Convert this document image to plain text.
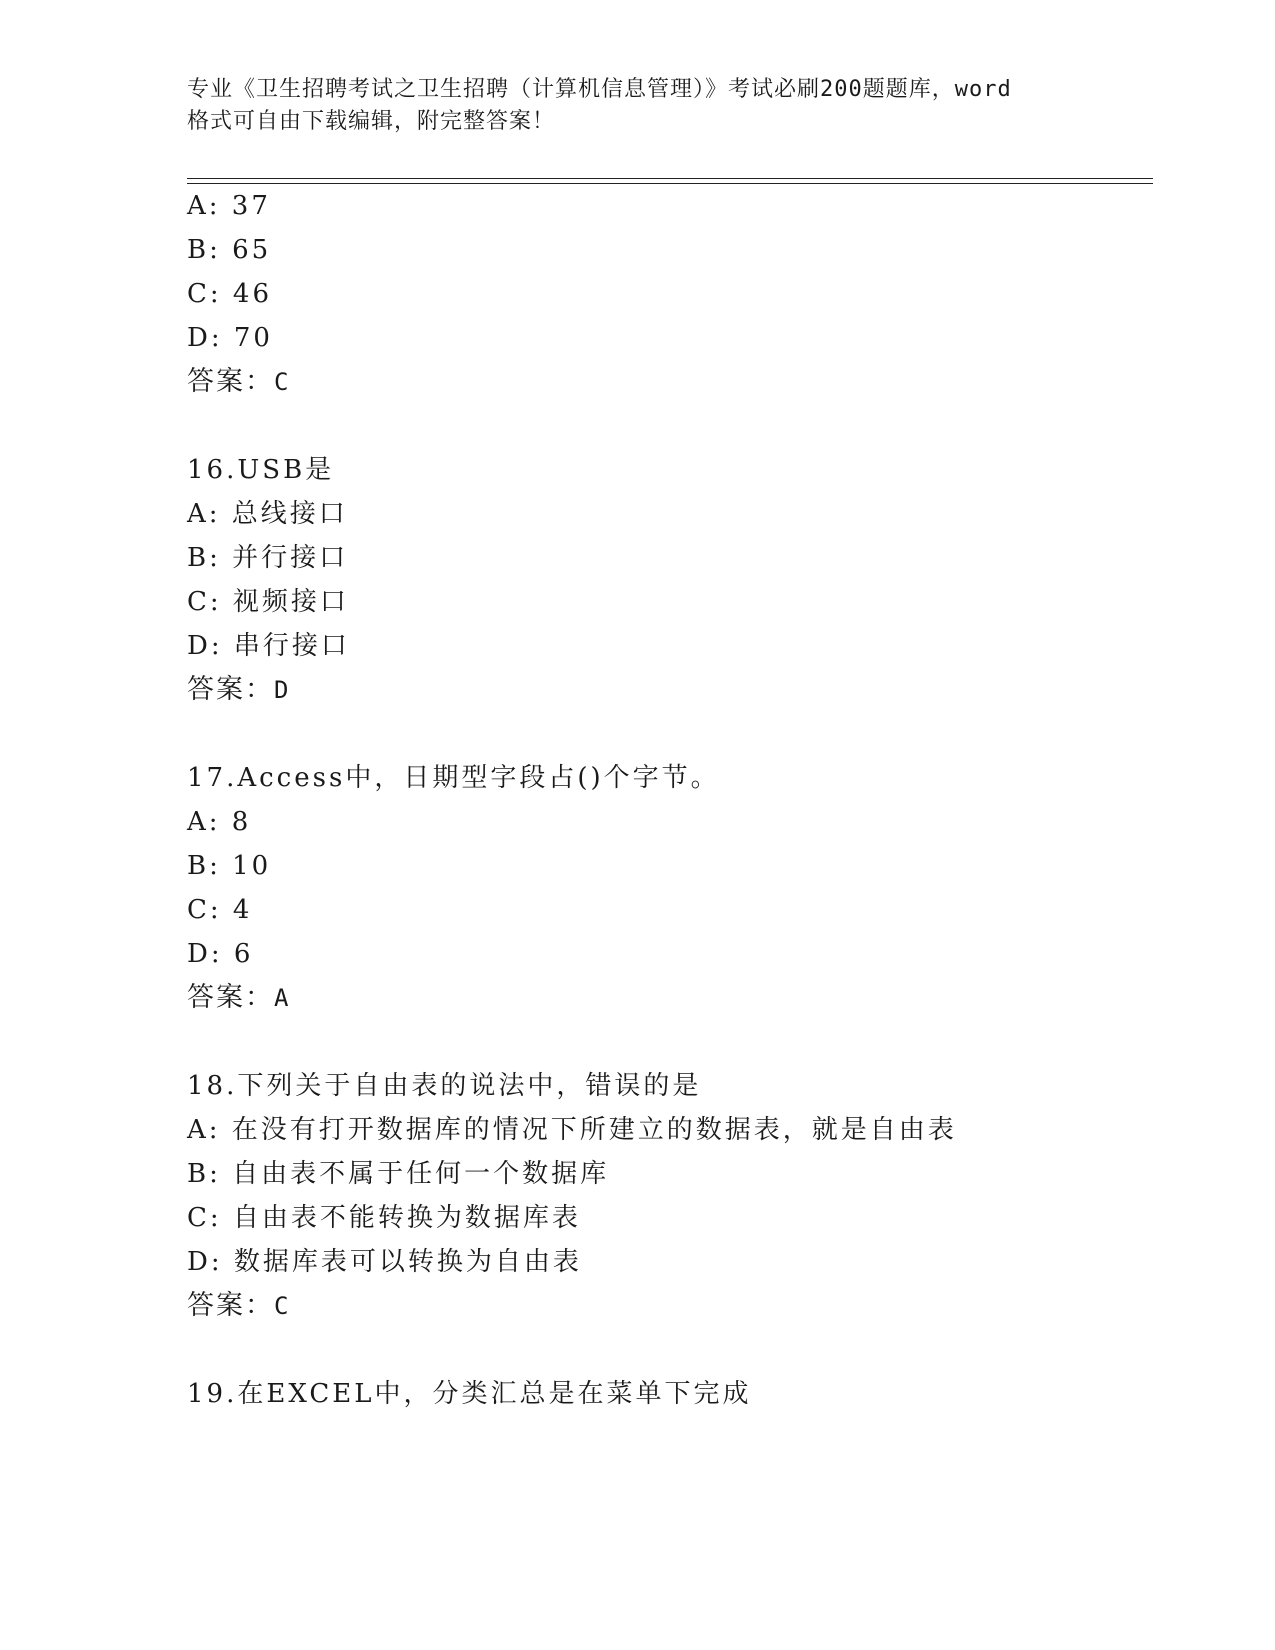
专业《卫生招聘考试之卫生招聘（计算机信息管理）》考试必刷200题题库，word
格式可自由下载编辑，附完整答案！
A: 37
B: 65
C: 46
D: 70
答案：C
16.USB是
A: 总线接口
B: 并行接口
C: 视频接口
D: 串行接口
答案：D
17.Access中，日期型字段占()个字节。
A: 8
B: 10
C: 4
D: 6
答案：A
18.下列关于自由表的说法中，错误的是
A: 在没有打开数据库的情况下所建立的数据表，就是自由表
B: 自由表不属于任何一个数据库
C: 自由表不能转换为数据库表
D: 数据库表可以转换为自由表
答案：C
19.在EXCEL中，分类汇总是在菜单下完成
